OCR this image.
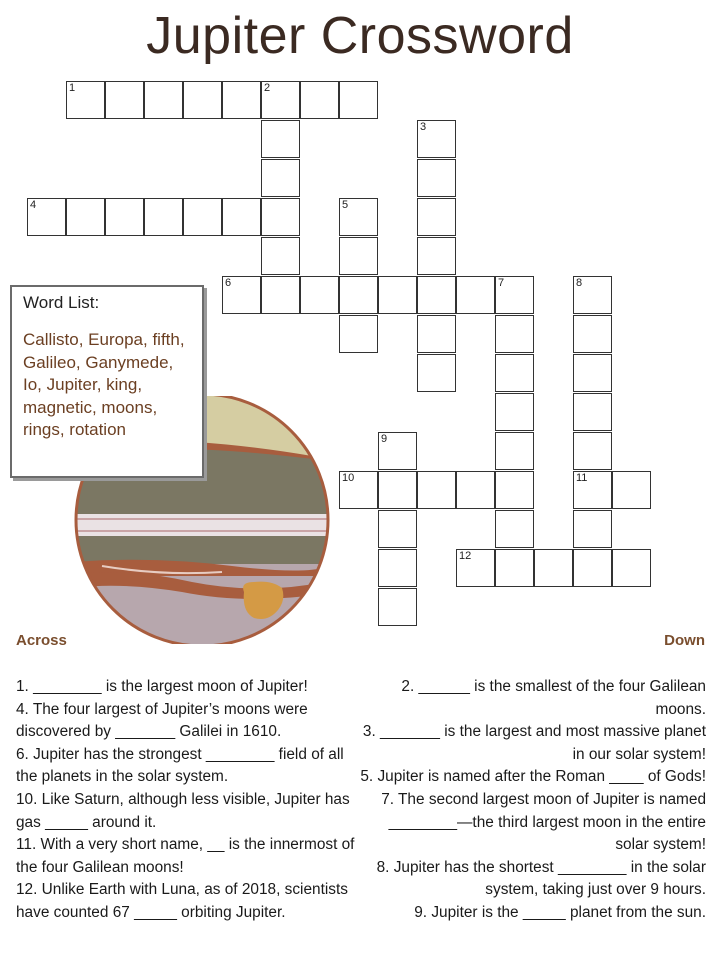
Jupiter Crossword
1	2
4
6	7
10
12
11
3
5
8
9
Word List:
Callisto, Europa, fifth, Galileo, Ganymede, Io, Jupiter, king, magnetic, moons, rings, rotation
Across	Down

1. ________ is the largest moon of Jupiter!

4. The four largest of Jupiter’s moons were discovered by _______ Galilei in 1610.

6. Jupiter has the strongest ________ field of all the planets in the solar system.

10. Like Saturn, although less visible, Jupiter has gas _____ around it.

11. With a very short name, __ is the innermost of the four Galilean moons!

12. Unlike Earth with Luna, as of 2018, scientists have counted 67 _____ orbiting Jupiter.

2. ______ is the smallest of the four Galilean moons.

3. _______ is the largest and most massive planet in our solar system!

5. Jupiter is named after the Roman ____ of Gods!

7. The second largest moon of Jupiter is named ________—the third largest moon in the entire solar system!

8. Jupiter has the shortest ________ in the solar system, taking just over 9 hours.

9. Jupiter is the _____ planet from the sun.
